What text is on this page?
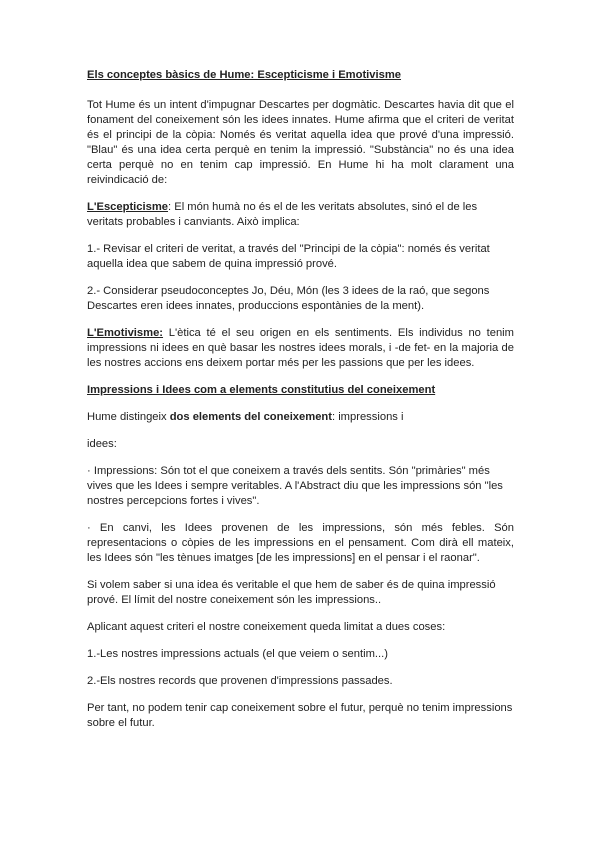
Els conceptes bàsics de Hume: Escepticisme i Emotivisme

Tot Hume és un intent d'impugnar Descartes per dogmàtic. Descartes havia dit que el fonament del coneixement són les idees innates. Hume afirma que el criteri de veritat és el principi de la còpia: Només és veritat aquella idea que prové d'una impressió. "Blau" és una idea certa perquè en tenim la impressió. "Substància" no és una idea certa perquè no en tenim cap impressió. En Hume hi ha molt clarament una reivindicació de:

L'Escepticisme: El món humà no és el de les veritats absolutes, sinó el de les veritats probables i canviants. Això implica:

1.- Revisar el criteri de veritat, a través del "Principi de la còpia": només és veritat aquella idea que sabem de quina impressió prové.

2.- Considerar pseudoconceptes Jo, Déu, Món (les 3 idees de la raó, que segons Descartes eren idees innates, produccions espontànies de la ment).

L'Emotivisme: L'ètica té el seu origen en els sentiments. Els individus no tenim impressions ni idees en què basar les nostres idees morals, i -de fet- en la majoria de les nostres accions ens deixem portar més per les passions que per les idees.

Impressions i Idees com a elements constitutius del coneixement

Hume distingeix dos elements del coneixement: impressions i

idees:

· Impressions: Són tot el que coneixem a través dels sentits. Són "primàries" més vives que les Idees i sempre veritables. A l'Abstract diu que les impressions són "les nostres percepcions fortes i vives".

· En canvi, les Idees provenen de les impressions, són més febles. Són representacions o còpies de les impressions en el pensament. Com dirà ell mateix, les Idees són "les tènues imatges [de les impressions] en el pensar i el raonar".

Si volem saber si una idea és veritable el que hem de saber és de quina impressió prové. El límit del nostre coneixement són les impressions..

Aplicant aquest criteri el nostre coneixement queda limitat a dues coses:

1.-Les nostres impressions actuals (el que veiem o sentim...)

2.-Els nostres records que provenen d'impressions passades.

Per tant, no podem tenir cap coneixement sobre el futur, perquè no tenim impressions sobre el futur.
